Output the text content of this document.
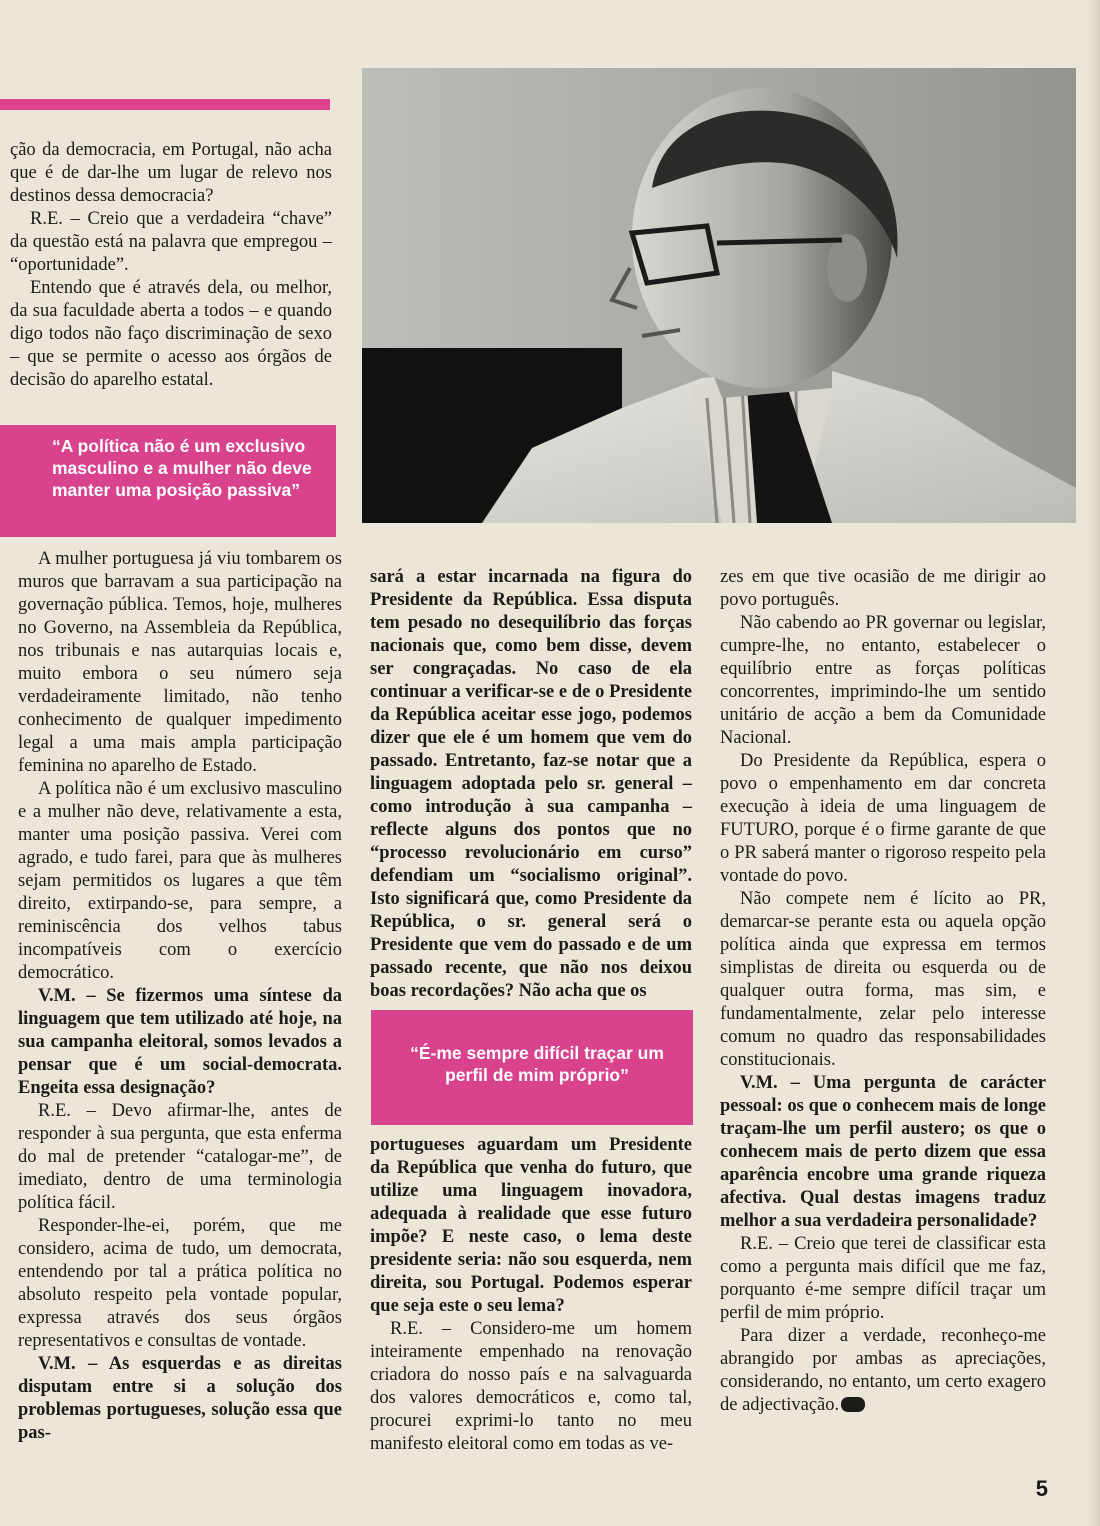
ção da democracia, em Portugal, não acha que é de dar-lhe um lugar de relevo nos destinos dessa democracia?

R.E. – Creio que a verdadeira “chave” da questão está na palavra que empregou – “oportunidade”.

Entendo que é através dela, ou melhor, da sua faculdade aberta a todos – e quando digo todos não faço discriminação de sexo – que se permite o acesso aos órgãos de decisão do aparelho estatal.

“A política não é um exclusivo masculino e a mulher não deve manter uma posição passiva”

A mulher portuguesa já viu tombarem os muros que barravam a sua participação na governação pública. Temos, hoje, mulheres no Governo, na Assembleia da República, nos tribunais e nas autarquias locais e, muito embora o seu número seja verdadeiramente limitado, não tenho conhecimento de qualquer impedimento legal a uma mais ampla participação feminina no aparelho de Estado.

A política não é um exclusivo masculino e a mulher não deve, relativamente a esta, manter uma posição passiva. Verei com agrado, e tudo farei, para que às mulheres sejam permitidos os lugares a que têm direito, extirpando-se, para sempre, a reminiscência dos velhos tabus incompatíveis com o exercício democrático.

V.M. – Se fizermos uma síntese da linguagem que tem utilizado até hoje, na sua campanha eleitoral, somos levados a pensar que é um social-democrata. Engeita essa designação?

R.E. – Devo afirmar-lhe, antes de responder à sua pergunta, que esta enferma do mal de pretender “catalogar-me”, de imediato, dentro de uma terminologia política fácil.

Responder-lhe-ei, porém, que me considero, acima de tudo, um democrata, entendendo por tal a prática política no absoluto respeito pela vontade popular, expressa através dos seus órgãos representativos e consultas de vontade.

V.M. – As esquerdas e as direitas disputam entre si a solução dos problemas portugueses, solução essa que pas-

sará a estar incarnada na figura do Presidente da República. Essa disputa tem pesado no desequilíbrio das forças nacionais que, como bem disse, devem ser congraçadas. No caso de ela continuar a verificar-se e de o Presidente da República aceitar esse jogo, podemos dizer que ele é um homem que vem do passado. Entretanto, faz-se notar que a linguagem adoptada pelo sr. general – como introdução à sua campanha – reflecte alguns dos pontos que no “processo revolucionário em curso” defendiam um “socialismo original”. Isto significará que, como Presidente da República, o sr. general será o Presidente que vem do passado e de um passado recente, que não nos deixou boas recordações? Não acha que os

“É-me sempre difícil traçar um perfil de mim próprio”

portugueses aguardam um Presidente da República que venha do futuro, que utilize uma linguagem inovadora, adequada à realidade que esse futuro impõe? E neste caso, o lema deste presidente seria: não sou esquerda, nem direita, sou Portugal. Podemos esperar que seja este o seu lema?

R.E. – Considero-me um homem inteiramente empenhado na renovação criadora do nosso país e na salvaguarda dos valores democráticos e, como tal, procurei exprimi-lo tanto no meu manifesto eleitoral como em todas as ve-

zes em que tive ocasião de me dirigir ao povo português.

Não cabendo ao PR governar ou legislar, cumpre-lhe, no entanto, estabelecer o equilíbrio entre as forças políticas concorrentes, imprimindo-lhe um sentido unitário de acção a bem da Comunidade Nacional.

Do Presidente da República, espera o povo o empenhamento em dar concreta execução à ideia de uma linguagem de FUTURO, porque é o firme garante de que o PR saberá manter o rigoroso respeito pela vontade do povo.

Não compete nem é lícito ao PR, demarcar-se perante esta ou aquela opção política ainda que expressa em termos simplistas de direita ou esquerda ou de qualquer outra forma, mas sim, e fundamentalmente, zelar pelo interesse comum no quadro das responsabilidades constitucionais.

V.M. – Uma pergunta de carácter pessoal: os que o conhecem mais de longe traçam-lhe um perfil austero; os que o conhecem mais de perto dizem que essa aparência encobre uma grande riqueza afectiva. Qual destas imagens traduz melhor a sua verdadeira personalidade?

R.E. – Creio que terei de classificar esta como a pergunta mais difícil que me faz, porquanto é-me sempre difícil traçar um perfil de mim próprio.

Para dizer a verdade, reconheço-me abrangido por ambas as apreciações, considerando, no entanto, um certo exagero de adjectivação.

5
